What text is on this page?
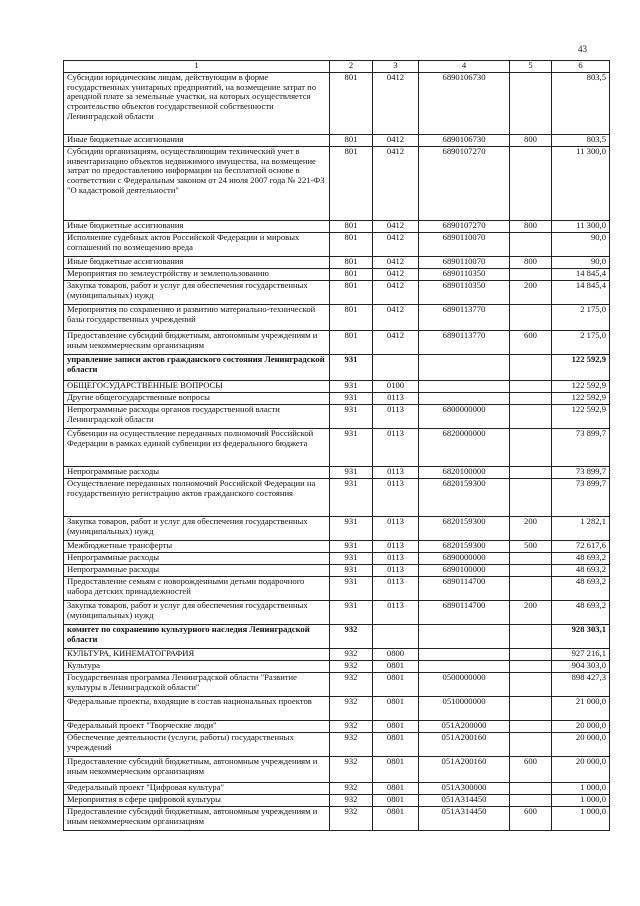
43
1	2	3	4	5	6
Субсидии юридическим лицам, действующим в форме государственных унитарных предприятий, на возмещение затрат по арендной плате за земельные участки, на которых осуществляется строительство объектов государственной собственности Ленинградской области	801	0412	6890106730		803,5
Иные бюджетные ассигнования	801	0412	6890106730	800	803,5
Субсидии организациям, осуществляющим технический учет в инвентаризацию объектов недвижимого имущества, на возмещение затрат по предоставлению информации на бесплатной основе в соответствии с Федеральным законом от 24 июля 2007 года № 221-ФЗ "О кадастровой деятельности"	801	0412	6890107270		11 300,0
Иные бюджетные ассигнования	801	0412	6890107270	800	11 300,0
Исполнение судебных актов Российской Федерации и мировых соглашений по возмещению вреда	801	0412	6890110070		90,0
Иные бюджетные ассигнования	801	0412	6890110070	800	90,0
Мероприятия по землеустройству и землепользованию	801	0412	6890110350		14 845,4
Закупка товаров, работ и услуг для обеспечения государственных (муниципальных) нужд	801	0412	6890110350	200	14 845,4
Мероприятия по сохранению и развитию материально-технической базы государственных учреждений	801	0412	6890113770		2 175,0
Предоставление субсидий бюджетным, автономным учреждениям и иным некоммерческим организациям	801	0412	6890113770	600	2 175,0
управление записи актов гражданского состояния Ленинградской области	931				122 592,9
ОБЩЕГОСУДАРСТВЕННЫЕ ВОПРОСЫ	931	0100			122 592,9
Другие общегосударственные вопросы	931	0113			122 592,9
Непрограммные расходы органов государственной власти Ленинградской области	931	0113	6800000000		122 592,9
Субвенции на осуществление переданных полномочий Российской Федерации в рамках единой субвенции из федерального бюджета	931	0113	6820000000		73 899,7
Непрограммные расходы	931	0113	6820100000		73 899,7
Осуществление переданных полномочий Российской Федерации на государственную регистрацию актов гражданского состояния	931	0113	6820159300		73 899,7
Закупка товаров, работ и услуг для обеспечения государственных (муниципальных) нужд	931	0113	6820159300	200	1 282,1
Межбюджетные трансферты	931	0113	6820159300	500	72 617,6
Непрограммные расходы	931	0113	6890000000		48 693,2
Непрограммные расходы	931	0113	6890100000		48 693,2
Предоставление семьям с новорожденными детьми подарочного набора детских принадлежностей	931	0113	6890114700		48 693,2
Закупка товаров, работ и услуг для обеспечения государственных (муниципальных) нужд	931	0113	6890114700	200	48 693,2
комитет по сохранению культурного наследия Ленинградской области	932				928 303,1
КУЛЬТУРА, КИНЕМАТОГРАФИЯ	932	0800			927 216,1
Культура	932	0801			904 303,0
Государственная программа Ленинградской области "Развитие культуры в Ленинградской области"	932	0801	0500000000		898 427,3
Федеральные проекты, входящие в состав национальных проектов	932	0801	0510000000		21 000,0
Федеральный проект "Творческие люди"	932	0801	051A200000		20 000,0
Обеспечение деятельности (услуги, работы) государственных учреждений	932	0801	051A200160		20 000,0
Предоставление субсидий бюджетным, автономным учреждениям и иным некоммерческим организациям	932	0801	051A200160	600	20 000,0
Федеральный проект "Цифровая культура"	932	0801	051A300000		1 000,0
Мероприятия в сфере цифровой культуры	932	0801	051A314450		1 000,0
Предоставление субсидий бюджетным, автономным учреждениям и иным некоммерческим организациям	932	0801	051A314450	600	1 000,0
